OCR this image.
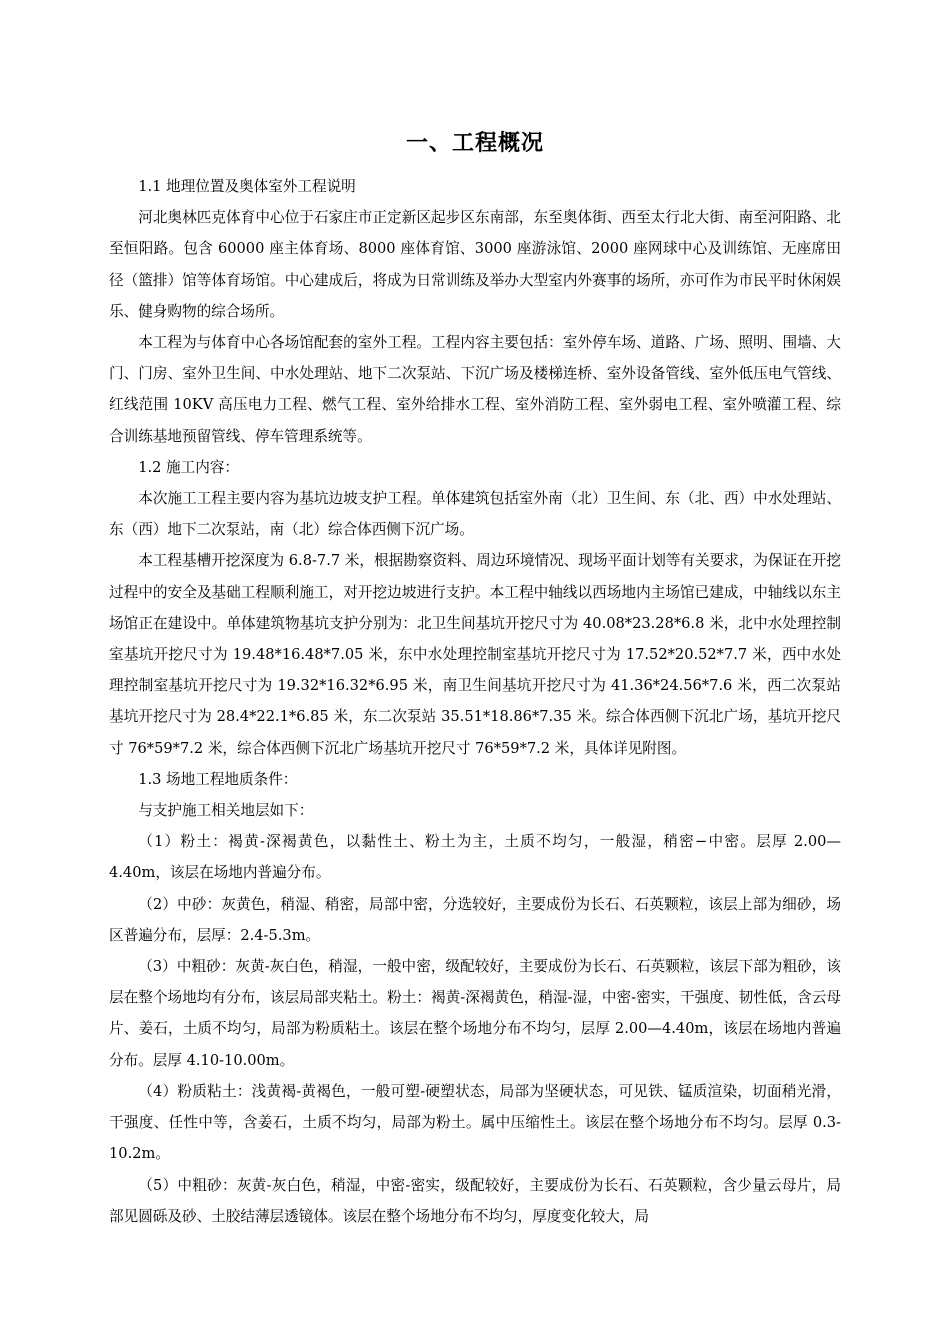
一、工程概况

1.1 地理位置及奥体室外工程说明

河北奥林匹克体育中心位于石家庄市正定新区起步区东南部，东至奥体街、西至太行北大街、南至河阳路、北至恒阳路。包含 60000 座主体育场、8000 座体育馆、3000 座游泳馆、2000 座网球中心及训练馆、无座席田径（篮排）馆等体育场馆。中心建成后，将成为日常训练及举办大型室内外赛事的场所，亦可作为市民平时休闲娱乐、健身购物的综合场所。

本工程为与体育中心各场馆配套的室外工程。工程内容主要包括：室外停车场、道路、广场、照明、围墙、大门、门房、室外卫生间、中水处理站、地下二次泵站、下沉广场及楼梯连桥、室外设备管线、室外低压电气管线、红线范围 10KV 高压电力工程、燃气工程、室外给排水工程、室外消防工程、室外弱电工程、室外喷灌工程、综合训练基地预留管线、停车管理系统等。

1.2 施工内容：

本次施工工程主要内容为基坑边坡支护工程。单体建筑包括室外南（北）卫生间、东（北、西）中水处理站、东（西）地下二次泵站，南（北）综合体西侧下沉广场。

本工程基槽开挖深度为 6.8-7.7 米，根据勘察资料、周边环境情况、现场平面计划等有关要求，为保证在开挖过程中的安全及基础工程顺利施工，对开挖边坡进行支护。本工程中轴线以西场地内主场馆已建成，中轴线以东主场馆正在建设中。单体建筑物基坑支护分别为：北卫生间基坑开挖尺寸为 40.08*23.28*6.8 米，北中水处理控制室基坑开挖尺寸为 19.48*16.48*7.05 米，东中水处理控制室基坑开挖尺寸为 17.52*20.52*7.7 米，西中水处理控制室基坑开挖尺寸为 19.32*16.32*6.95 米，南卫生间基坑开挖尺寸为 41.36*24.56*7.6 米，西二次泵站基坑开挖尺寸为 28.4*22.1*6.85 米，东二次泵站 35.51*18.86*7.35 米。综合体西侧下沉北广场，基坑开挖尺寸 76*59*7.2 米，综合体西侧下沉北广场基坑开挖尺寸 76*59*7.2 米，具体详见附图。

1.3 场地工程地质条件：

与支护施工相关地层如下：

（1）粉土：褐黄-深褐黄色，以黏性土、粉土为主，土质不均匀，一般湿，稍密−中密。层厚 2.00—4.40m，该层在场地内普遍分布。

（2）中砂：灰黄色，稍湿、稍密，局部中密，分选较好，主要成份为长石、石英颗粒，该层上部为细砂，场区普遍分布，层厚：2.4-5.3m。

（3）中粗砂：灰黄-灰白色，稍湿，一般中密，级配较好，主要成份为长石、石英颗粒，该层下部为粗砂，该层在整个场地均有分布，该层局部夹粘土。粉土：褐黄-深褐黄色，稍湿-湿，中密-密实，干强度、韧性低，含云母片、姜石，土质不均匀，局部为粉质粘土。该层在整个场地分布不均匀，层厚 2.00—4.40m，该层在场地内普遍分布。层厚 4.10-10.00m。

（4）粉质粘土：浅黄褐-黄褐色，一般可塑-硬塑状态，局部为坚硬状态，可见铁、锰质渲染，切面稍光滑，干强度、任性中等，含姜石，土质不均匀，局部为粉土。属中压缩性土。该层在整个场地分布不均匀。层厚 0.3-10.2m。

（5）中粗砂：灰黄-灰白色，稍湿，中密-密实，级配较好，主要成份为长石、石英颗粒，含少量云母片，局部见圆砾及砂、土胶结薄层透镜体。该层在整个场地分布不均匀，厚度变化较大，局
